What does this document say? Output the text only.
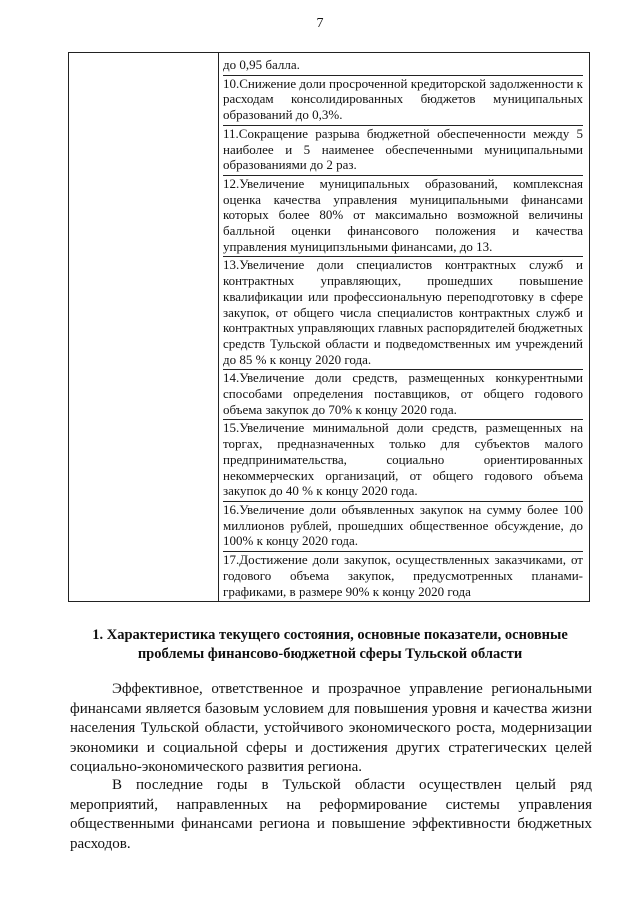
7

до 0,95 балла.

10.Снижение доли просроченной кредиторской задолженности к расходам консолидированных бюджетов муниципальных образований до 0,3%.

11.Сокращение разрыва бюджетной обеспеченности между 5 наиболее и 5 наименее обеспеченными муниципальными образованиями до 2 раз.

12.Увеличение муниципальных образований, комплексная оценка качества управления муниципальными финансами которых более 80% от максимально возможной величины балльной оценки финансового положения и качества управления муниципзльными финансами, до 13.

13.Увеличение доли специалистов контрактных служб и контрактных управляющих, прошедших повышение квалификации или профессиональную переподготовку в сфере закупок, от общего числа специалистов контрактных служб и контрактных управляющих главных распорядителей бюджетных средств Тульской области и подведомственных им учреждений до 85 % к концу 2020 года.

14.Увеличение доли средств, размещенных конкурентными способами определения поставщиков, от общего годового объема закупок до 70% к концу 2020 года.

15.Увеличение минимальной доли средств, размещенных на торгах, предназначенных только для субъектов малого предпринимательства, социально ориентированных некоммерческих организаций, от общего годового объема закупок до 40 % к концу 2020 года.

16.Увеличение доли объявленных закупок на сумму более 100 миллионов рублей, прошедших общественное обсуждение, до 100% к концу 2020 года.

17.Достижение доли закупок, осуществленных заказчиками, от годового объема закупок, предусмотренных планами-графиками, в размере 90% к концу 2020 года

1. Характеристика текущего состояния, основные показатели, основные
проблемы финансово-бюджетной сферы Тульской области

Эффективное, ответственное и прозрачное управление региональными финансами является базовым условием для повышения уровня и качества жизни населения Тульской области, устойчивого экономического роста, модернизации экономики и социальной сферы и достижения других стратегических целей социально-экономического развития региона.

В последние годы в Тульской области осуществлен целый ряд мероприятий, направленных на реформирование системы управления общественными финансами региона и повышение эффективности бюджетных расходов.
